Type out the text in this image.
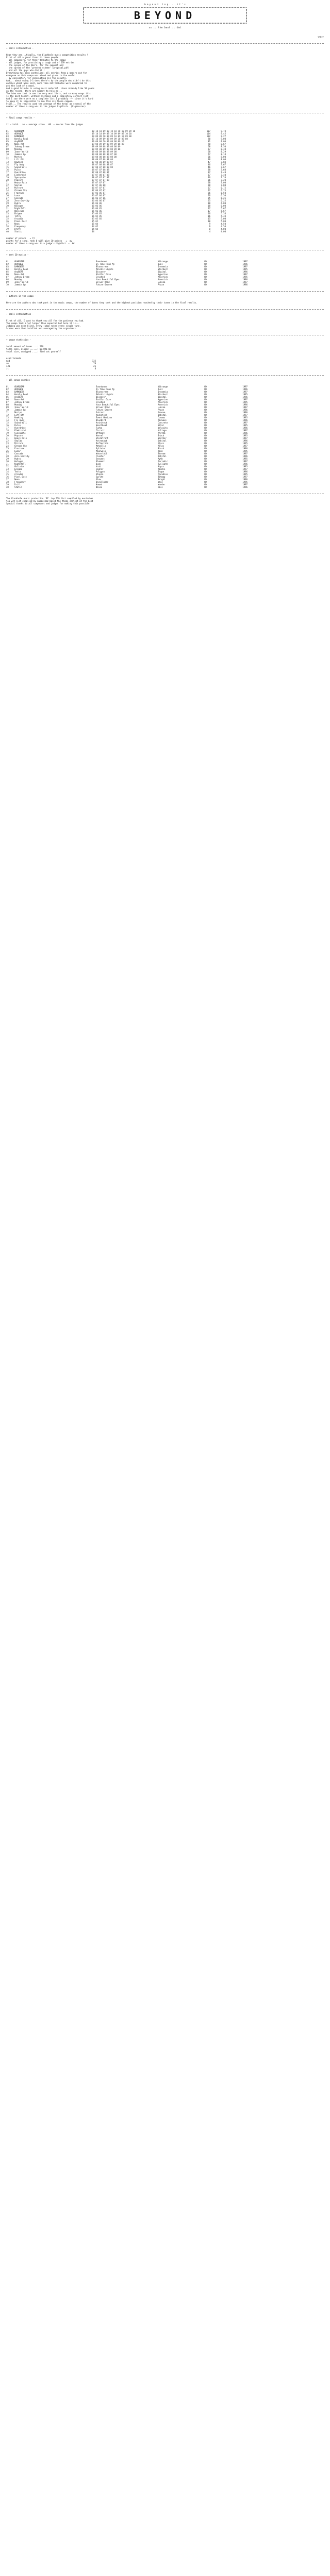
b e y o n d   t o p . . . i t ' s
BEYOND
ss :: the best :: dmt
<ndr>
+ small introduction -
Hear they are...finally, the blackhole music competition results !
First of all a great thanx to these people :
- all composers, for their tributes to the compo
- all judges, for practising a tough and of 239 entries
- the sysops of the bbs's, for the support and
the spread of the 'present scheme' (proposal.pdf)
- and all the guys who did it !
Everything has been controlled; all entries from a modern out for
everyone as this compo was aired and given to the world.
- my calculator, for calculating all the results.
And... about using 1-1 does there's by the people who didn't do this
entries which were sent, more than 239 tributes were completed to
get the look of a mood.
And a good tribute is using music material. Lines already like 50 years
on the record, there are nobody to help me...
The idea was that to see the very most lists, and so many songs this
is the most honest, without mistakes and a completely correct list!
And I saw there were no a complete list I probably --- since it's hard
to keep it is impossible to run this all these compos...
Still... The results used the average of the total as several of the
number of times a song was in the judges highlists. (highscores)
+ final compo results -
tt = total   av = average score   ##  = scores from the judges
01	GUARDIAN	10 10 10 09 10 10 10 10 10 09 09 10	107	9.73
02	ADVANCE	09 10 10 09 09 10 09 09 09 10 10	104	9.45
03	DARKNESS	10 09 09 10 09 09 10 09 10 09 08	102	9.27
04	Hardly Real	09 10 09 09 08 09 09 10 09 08	90	9.00
05	AnyBEAT	09 09 08 10 09 09 08 09 10	81	9.00
06	Nano Ash	09 08 09 09 08 09 09 08 09	78	8.67
07	Johnny Dream	08 09 09 08 09 08 08 09	68	8.50
08	Monday	08 09 08 09 08 08 09 08	67	8.38
09	Inner World	08 08 09 08 08 09 08	58	8.29
10	Jammin Up	09 08 08 08 09 07 08	57	8.14
11	Mortys	08 08 08 08 08 08 08	56	8.00
12	Lift Off	08 09 07 08 08 08	48	8.00
13	Hawking	07 08 08 09 08 07	47	7.83
14	Fly Away	08 07 08 08 08 07	46	7.67
15	Sound Wall	07 08 07 08 08 08	46	7.67
16	Pulse	08 07 07 08 08	38	7.60
17	Overdrive	07 08 07 08 07	37	7.40
18	Elektroid	07 07 08 07 08	37	7.40
19	Syncopate	08 07 07 07 07	36	7.20
20	Popcorn	07 07 07 07 08	36	7.20
21	Heavy Rain	07 07 07 07	28	7.00
22	Skylab	07 07 06 08	28	7.00
23	Mirrors	06 07 07 07	27	6.75
24	Chrome Sky	07 06 07 07	27	6.75
25	Fracture	07 06 06 07	26	6.50
26	Lunar	06 07 06 07	26	6.50
27	Cascade	06 06 07 06	25	6.25
28	Zero Gravity	06 06 06 07	25	6.25
29	Hydra	06 06 06	18	6.00
30	Halogen	06 06 06	18	6.00
31	Nightfall	06 06 05	17	5.67
32	Oblivion	05 06 06	17	5.67
33	Enigma	05 06 05	16	5.33
34	Tetra	06 05 05	16	5.33
35	Arcadia	05 05 05	15	5.00
36	Pixel Dust	05 05	10	5.00
37	Neon	05 04	9	4.50
38	Frequency	04 05	9	4.50
39	Drift	04 04	8	4.00
40	Static	04	4	4.00
number of points   = tt
points for a song, rank 0 will give 10 points   =  av
number of times a song was in a judge's highlist  =  ##
+ best 10 musics -
01	GUARDIAN	Soundwave	Vibrange	CD	1997
02	ADVANCE	In Time From My	Dual	CD	1996
03	DARKNESS	Bluescreen	Insomnia	CD	1997
04	Hardly Real	Melodic Lights	Stardust	CD	1995
05	AnyBEAT	Discover	Digital	CD	1996
06	Nano Ash	Stellar Gaze	Hyperion	CD	1997
07	Johnny Dream	Crushed	Maverick	CD	1995
08	Monday	Your Beautiful Eyes	Maverick	CD	1996
09	Inner World	Silver Road	Lumina	CD	1997
10	Jammin Up	Future Groove	Phaze	CD	1996
+ authors in the compo -
Here are the authors who took part in the music compo, the number of tunes they sent and the highest position reached by their tunes in the final results.
+ small introduction -
First of all, I want to thank you all for the patience you had.
The compo took a lot longer than expected but here it is...
Judging was done blind, every judge rated every single tune.
Scores were then totalled and averaged by the organizers.
+ usage statistics -
total amount of tunes ...: 239
total size, zipped ......: 68.096 kb
total size, unzipped ....: find out yourself
used formats
mod	132
xm	78
s3m	21
it	8
+ all songs entries -
01	GUARDIAN	Soundwave	Vibrange	CD	1997
02	ADVANCE	In Time From My	Dual	CD	1996
03	DARKNESS	Bluescreen	Insomnia	CD	1997
04	Hardly Real	Melodic Lights	Stardust	CD	1995
05	AnyBEAT	Discover	Digital	CD	1996
06	Nano Ash	Stellar Gaze	Hyperion	CD	1997
07	Johnny Dream	Crushed	Maverick	CD	1995
08	Monday	Your Beautiful Eyes	Maverick	CD	1996
09	Inner World	Silver Road	Lumina	CD	1997
10	Jammin Up	Future Groove	Phaze	CD	1996
11	Mortys	Outcast	Groove	CD	1996
12	Lift Off	Rocketeer	Orbital	CD	1997
13	Hawking	Event Horizon	Cosmos	CD	1995
14	Fly Away	Bluebird	Airwave	CD	1996
15	Sound Wall	Architect	Concrete	CD	1997
16	Pulse	Heartbeat	Vital	CD	1995
17	Overdrive	Turbo	Velocity	CD	1996
18	Elektroid	Circuit	Voltage	CD	1997
19	Syncopate	Offbeat	Rhythm	CD	1996
20	Popcorn	Kernel	Snack	CD	1995
21	Heavy Rain	Stormfront	Weather	CD	1997
22	Skylab	Astronaut	Orbital	CD	1996
23	Mirrors	Reflection	Glass	CD	1995
24	Chrome Sky	Metallic	Alloy	CD	1997
25	Fracture	Splinter	Shard	CD	1996
26	Lunar	Moonwalk	Tide	CD	1995
27	Cascade	Waterfall	Stream	CD	1997
28	Zero Gravity	Floater	Orbital	CD	1996
29	Hydra	Serpent	Myth	CD	1995
30	Halogen	Element	Periodic	CD	1997
31	Nightfall	Dusk	Twilight	CD	1996
32	Oblivion	Void	Abyss	CD	1995
33	Enigma	Cipher	Riddle	CD	1997
34	Tetra	Polygon	Shape	CD	1996
35	Arcadia	Utopia	Paradise	CD	1995
36	Pixel Dust	Sprite	Bitmap	CD	1997
37	Neon	Glow	Bright	CD	1996
38	Frequency	Oscillator	Wave	CD	1995
39	Drift	Nomad	Wander	CD	1997
40	Static	Noise	Hiss	CD	1996
The blackhole music production '97  top 239 list compiled by musicshaz
top 239 list compiled by musicshaz based the theme contest at the best
Special thanks to all composers and judges for making this possible.
